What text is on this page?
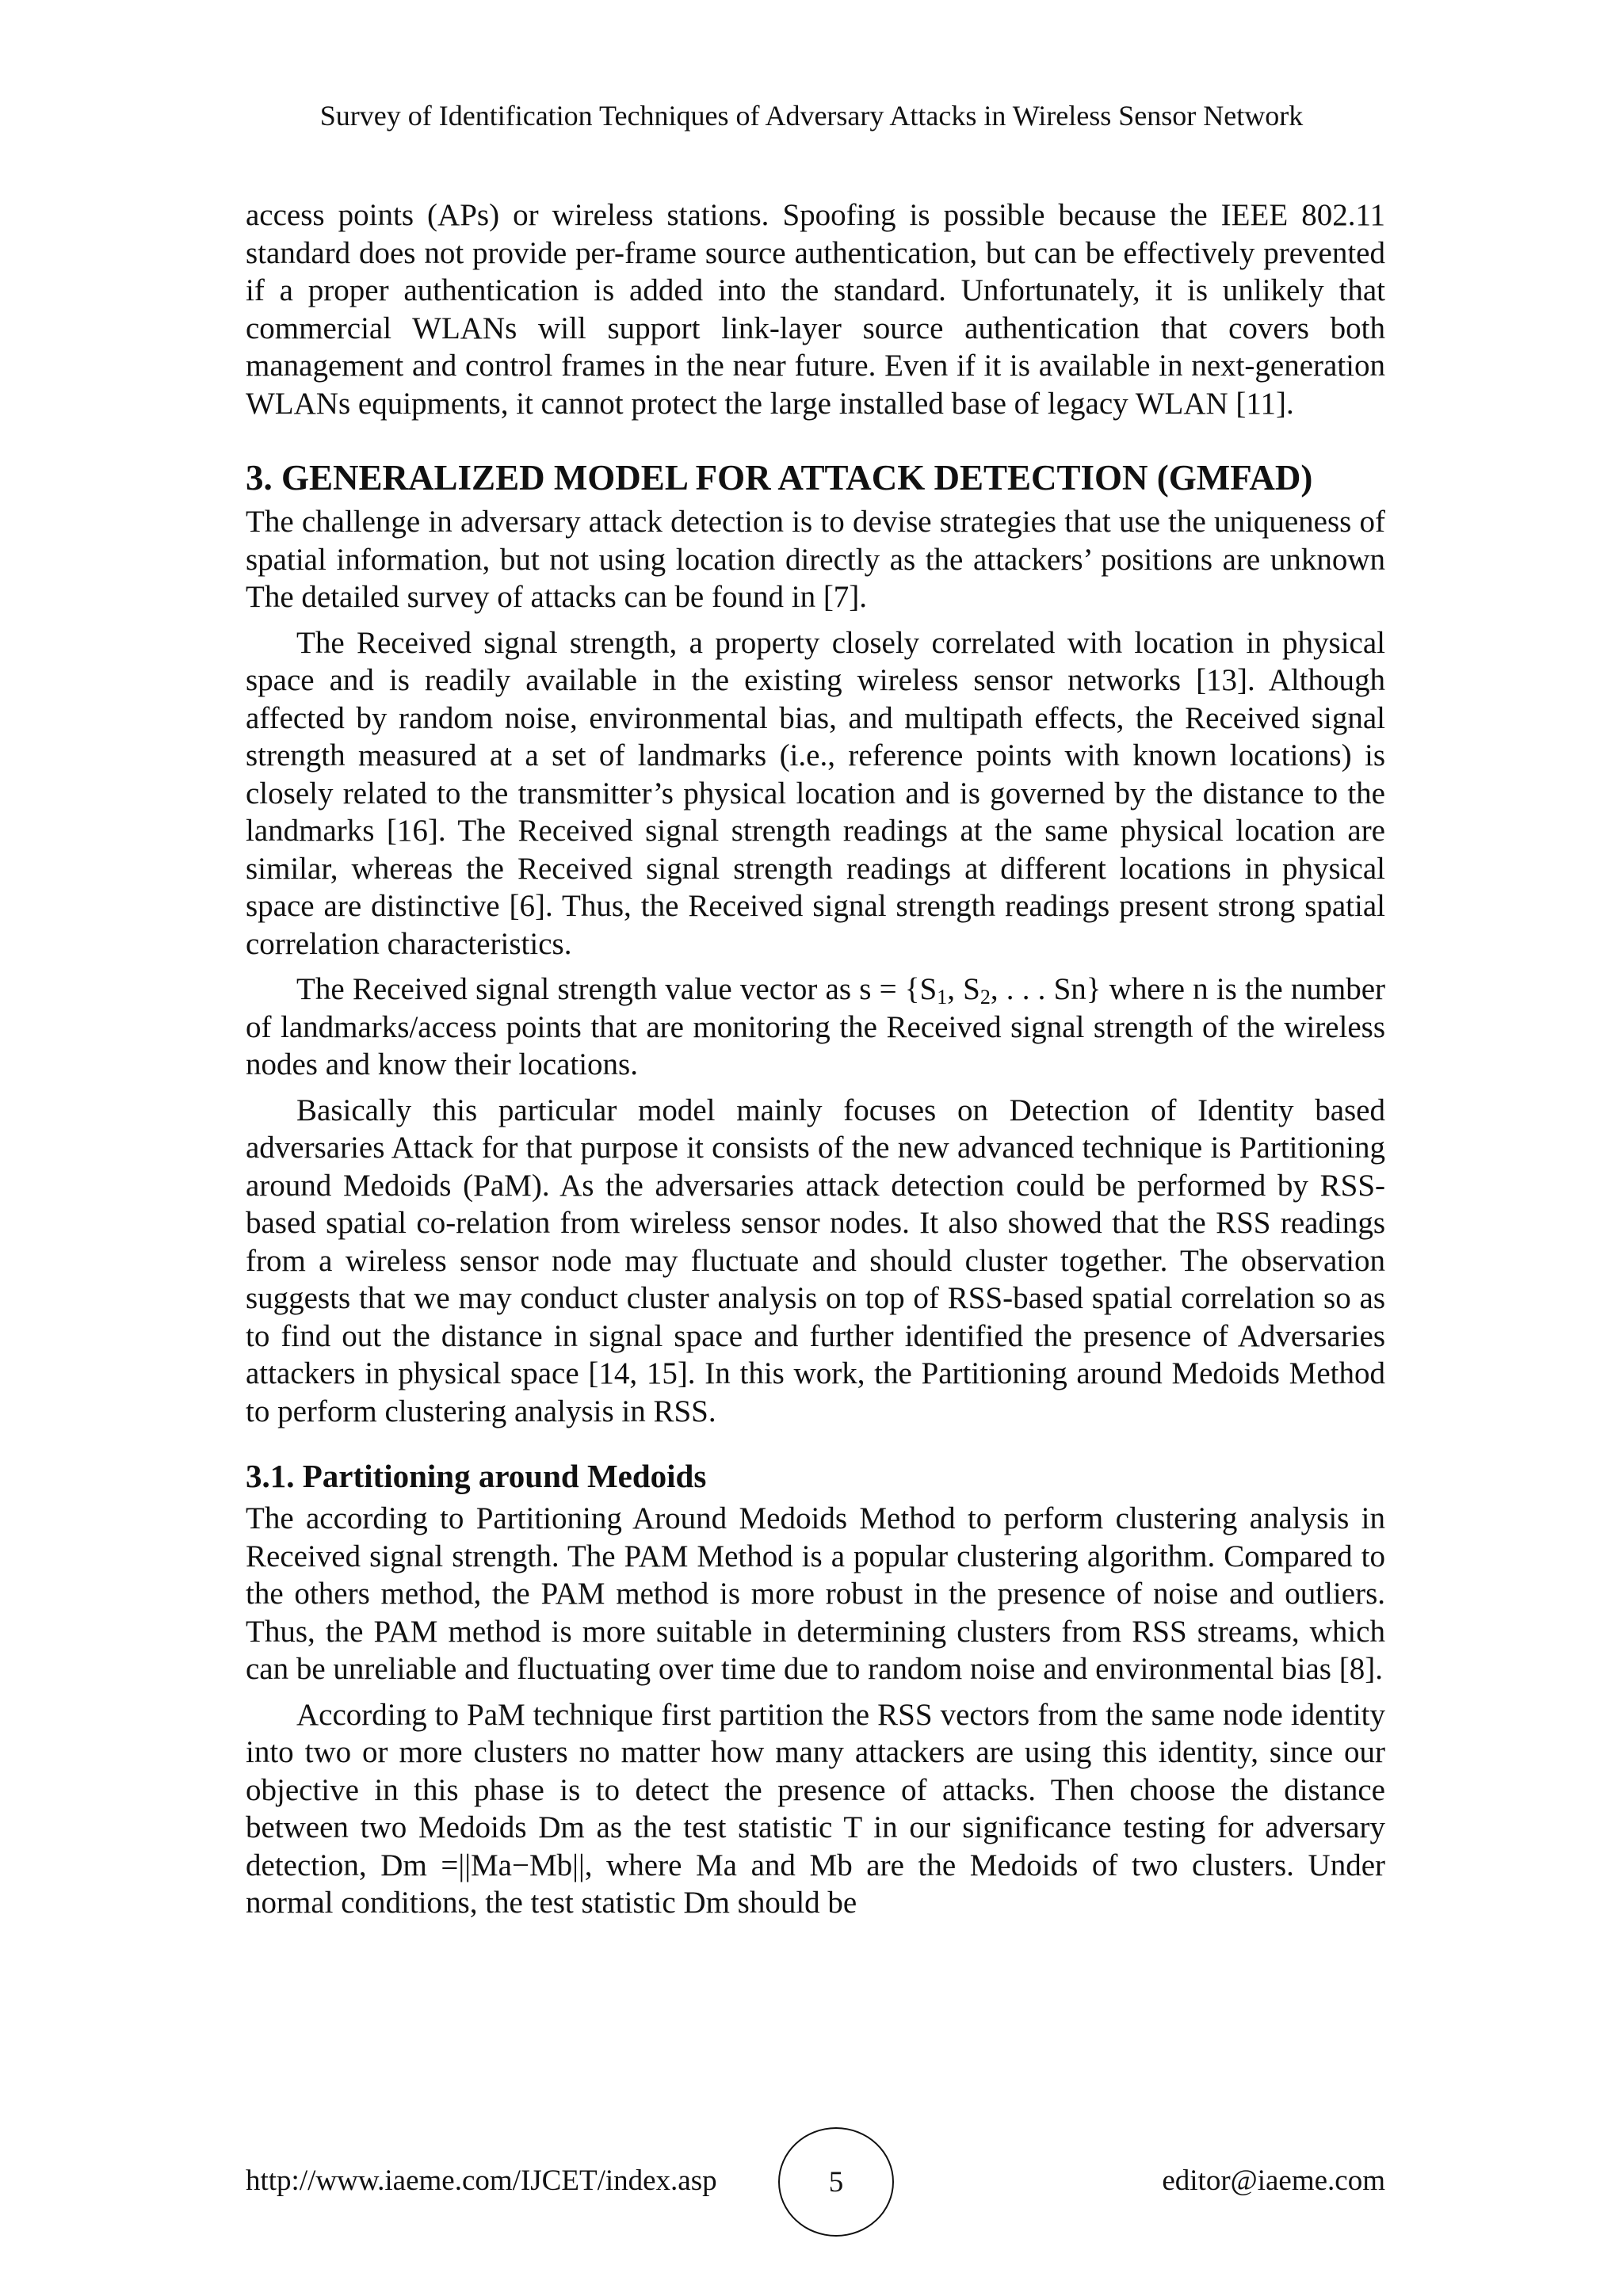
Survey of Identification Techniques of Adversary Attacks in Wireless Sensor Network

access points (APs) or wireless stations. Spoofing is possible because the IEEE 802.11 standard does not provide per-frame source authentication, but can be effectively prevented if a proper authentication is added into the standard. Unfortunately, it is unlikely that commercial WLANs will support link-layer source authentication that covers both management and control frames in the near future. Even if it is available in next-generation WLANs equipments, it cannot protect the large installed base of legacy WLAN [11].

3. GENERALIZED MODEL FOR ATTACK DETECTION (GMFAD)

The challenge in adversary attack detection is to devise strategies that use the uniqueness of spatial information, but not using location directly as the attackers’ positions are unknown The detailed survey of attacks can be found in [7].

The Received signal strength, a property closely correlated with location in physical space and is readily available in the existing wireless sensor networks [13]. Although affected by random noise, environmental bias, and multipath effects, the Received signal strength measured at a set of landmarks (i.e., reference points with known locations) is closely related to the transmitter’s physical location and is governed by the distance to the landmarks [16]. The Received signal strength readings at the same physical location are similar, whereas the Received signal strength readings at different locations in physical space are distinctive [6]. Thus, the Received signal strength readings present strong spatial correlation characteristics.

The Received signal strength value vector as $s = \{S_1$, $S_2$, . . . Sn} where n is the number of landmarks/access points that are monitoring the Received signal strength of the wireless nodes and know their locations.

Basically this particular model mainly focuses on Detection of Identity based adversaries Attack for that purpose it consists of the new advanced technique is Partitioning around Medoids (PaM). As the adversaries attack detection could be performed by RSS-based spatial co-relation from wireless sensor nodes. It also showed that the RSS readings from a wireless sensor node may fluctuate and should cluster together. The observation suggests that we may conduct cluster analysis on top of RSS-based spatial correlation so as to find out the distance in signal space and further identified the presence of Adversaries attackers in physical space [14, 15]. In this work, the Partitioning around Medoids Method to perform clustering analysis in RSS.

3.1. Partitioning around Medoids

The according to Partitioning Around Medoids Method to perform clustering analysis in Received signal strength. The PAM Method is a popular clustering algorithm. Compared to the others method, the PAM method is more robust in the presence of noise and outliers. Thus, the PAM method is more suitable in determining clusters from RSS streams, which can be unreliable and fluctuating over time due to random noise and environmental bias [8].

According to PaM technique first partition the RSS vectors from the same node identity into two or more clusters no matter how many attackers are using this identity, since our objective in this phase is to detect the presence of attacks. Then choose the distance between two Medoids Dm as the test statistic T in our significance testing for adversary detection, Dm =||Ma−Mb||, where Ma and Mb are the Medoids of two clusters. Under normal conditions, the test statistic Dm should be

http://www.iaeme.com/IJCET/index.asp	5	editor@iaeme.com
